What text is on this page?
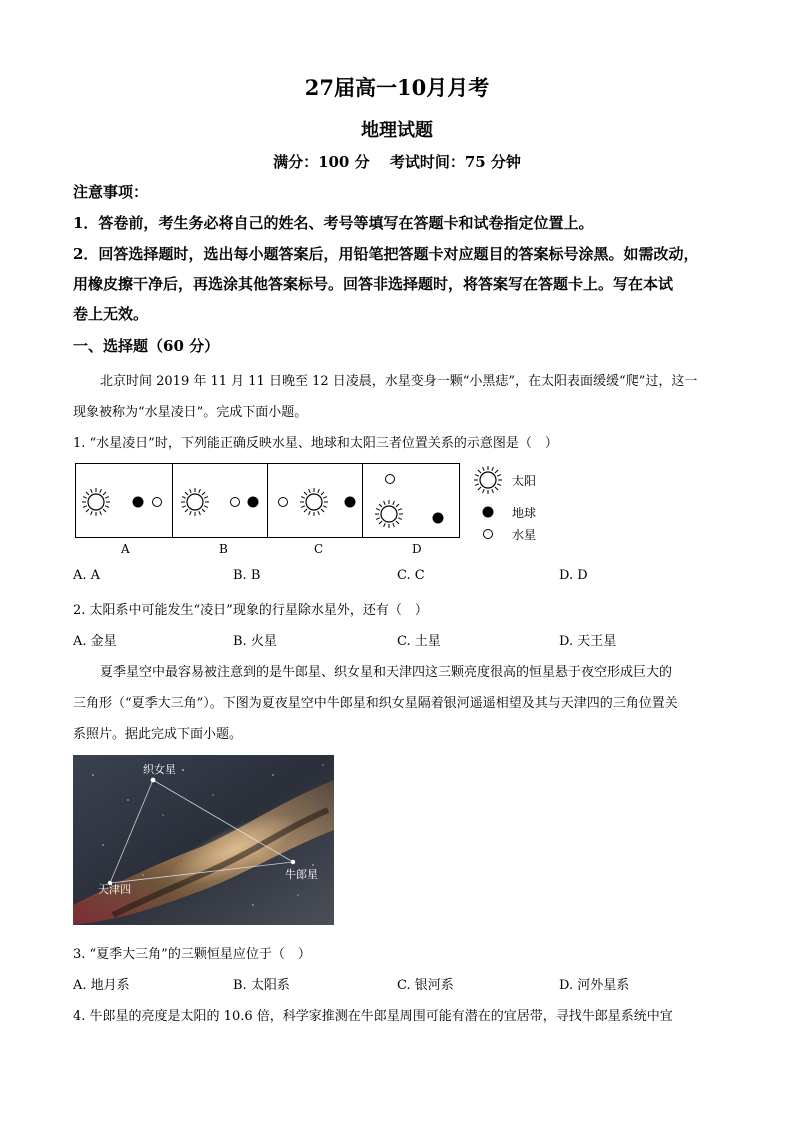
27届高一10月月考
地理试题
满分：100 分　 考试时间：75 分钟
注意事项：
1．答卷前，考生务必将自己的姓名、考号等填写在答题卡和试卷指定位置上。
2．回答选择题时，选出每小题答案后，用铅笔把答题卡对应题目的答案标号涂黑。如需改动，
用橡皮擦干净后，再选涂其他答案标号。回答非选择题时，将答案写在答题卡上。写在本试
卷上无效。
一、选择题（60 分）
北京时间 2019 年 11 月 11 日晚至 12 日凌晨，水星变身一颗“小黑痣”，在太阳表面缓缓“爬”过，这一
现象被称为“水星凌日”。完成下面小题。
1. “水星凌日”时，下列能正确反映水星、地球和太阳三者位置关系的示意图是（　）
A	B	C	D
太阳
地球
水星
A. A	B. B	C. C	D. D
2. 太阳系中可能发生“凌日”现象的行星除水星外，还有（　）
A. 金星	B. 火星	C. 土星	D. 天王星
夏季星空中最容易被注意到的是牛郎星、织女星和天津四这三颗亮度很高的恒星悬于夜空形成巨大的
三角形（“夏季大三角”）。下图为夏夜星空中牛郎星和织女星隔着银河遥遥相望及其与天津四的三角位置关
系照片。据此完成下面小题。
织女星
牛郎星
天津四
3. “夏季大三角”的三颗恒星应位于（　）
A. 地月系	B. 太阳系	C. 银河系	D. 河外星系
4. 牛郎星的亮度是太阳的 10.6 倍，科学家推测在牛郎星周围可能有潜在的宜居带，寻找牛郎星系统中宜
